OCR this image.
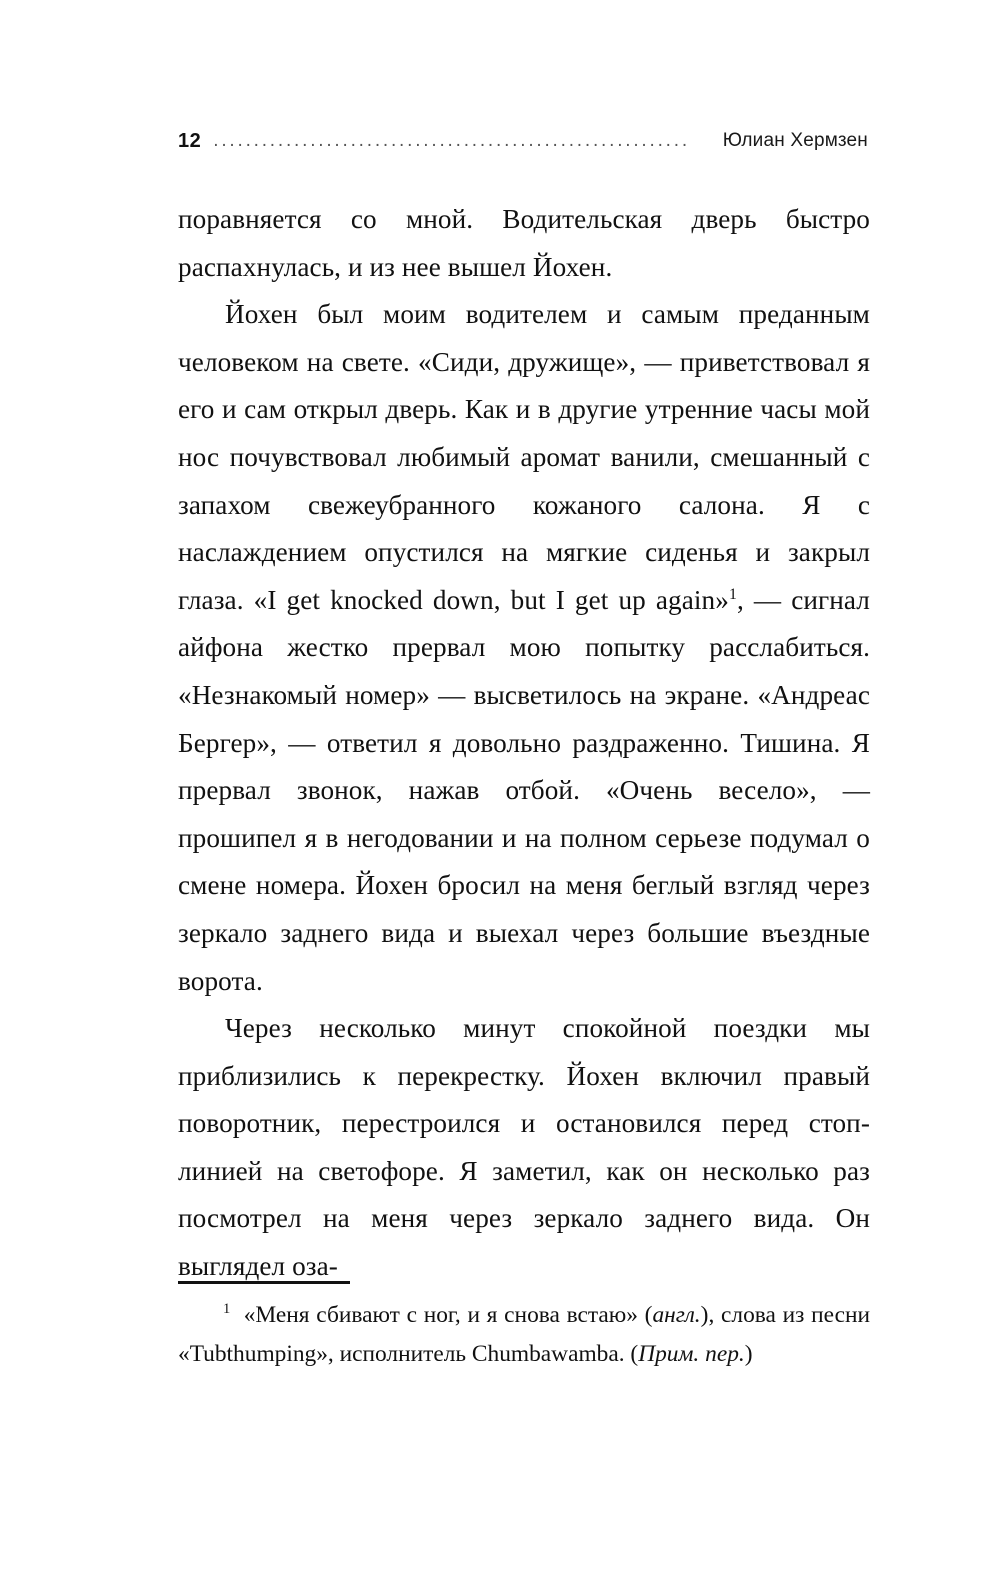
12 ...........................................................	Юлиан Хермзен

поравняется со мной. Водительская дверь быстро распахнулась, и из нее вышел Йохен.

Йохен был моим водителем и самым преданным человеком на свете. «Сиди, дружище», — приветствовал я его и сам открыл дверь. Как и в другие утренние часы мой нос почувствовал любимый аромат ванили, смешанный с запахом свежеубранного кожаного салона. Я с наслаждением опустился на мягкие сиденья и закрыл глаза. «I get knocked down, but I get up again»$^1$, — сигнал айфона жестко прервал мою попытку расслабиться. «Незнакомый номер» — высветилось на экране. «Андреас Бергер», — ответил я довольно раздраженно. Тишина. Я прервал звонок, нажав отбой. «Очень весело», — прошипел я в негодовании и на полном серьезе подумал о смене номера. Йохен бросил на меня беглый взгляд через зеркало заднего вида и выехал через большие въездные ворота.

Через несколько минут спокойной поездки мы приблизились к перекрестку. Йохен включил правый поворотник, перестроился и остановился перед стоп-линией на светофоре. Я заметил, как он несколько раз посмотрел на меня через зеркало заднего вида. Он выглядел оза-

$^1$  «Меня сбивают с ног, и я снова встаю» (англ.), слова из песни «Tubthumping», исполнитель Chumbawamba. (Прим. пер.)
